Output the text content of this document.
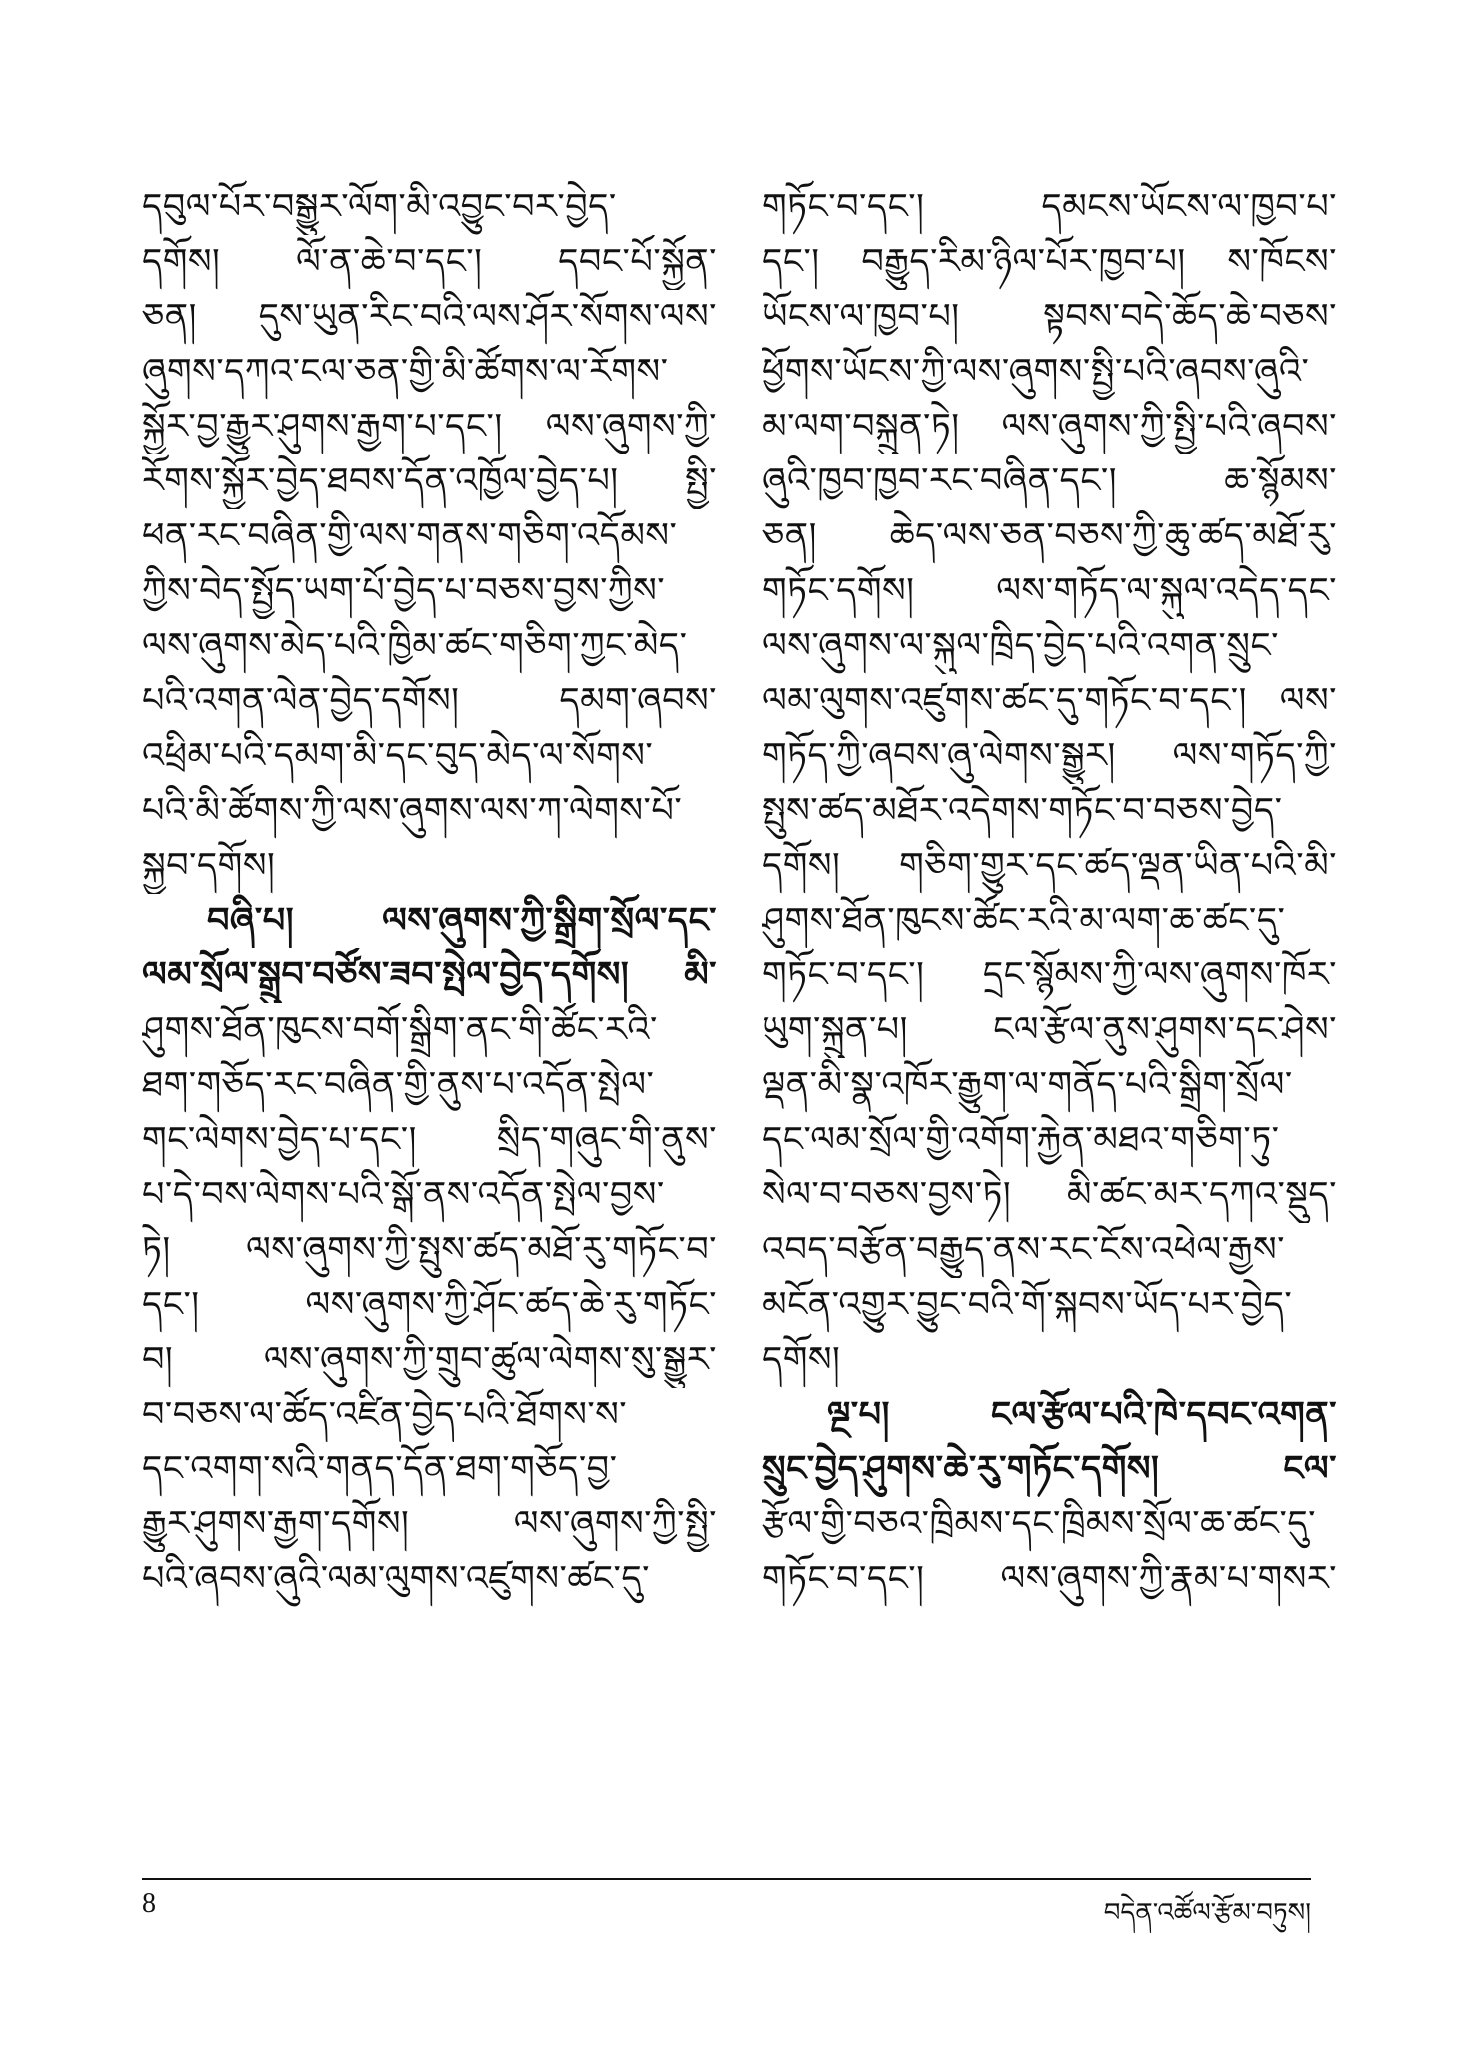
དབུལ་པོར་བསྒྱུར་ལོག་མི་འབྱུང་བར་བྱེད་
དགོས། ལོ་ན་ཆེ་བ་དང་། དབང་པོ་སྐྱོན་
ཅན། དུས་ཡུན་རིང་བའི་ལས་ཤོར་སོགས་ལས་
ཞུགས་དཀའ་ངལ་ཅན་གྱི་མི་ཚོགས་ལ་རོགས་
སྐྱོར་བྱ་རྒྱུར་ཤུགས་རྒྱག་པ་དང་། ལས་ཞུགས་ཀྱི་
རོགས་སྐྱོར་བྱེད་ཐབས་དོན་འཁྱོལ་བྱེད་པ། སྤྱི་
ཕན་རང་བཞིན་གྱི་ལས་གནས་གཅིག་འདོམས་
ཀྱིས་བེད་སྤྱོད་ཡག་པོ་བྱེད་པ་བཅས་བྱས་ཀྱིས་
ལས་ཞུགས་མེད་པའི་ཁྱིམ་ཚང་གཅིག་ཀྱང་མེད་
པའི་འགན་ལེན་བྱེད་དགོས། དམག་ཞབས་
འཕྲིམ་པའི་དམག་མི་དང་བུད་མེད་ལ་སོགས་
པའི་མི་ཚོགས་ཀྱི་ལས་ཞུགས་ལས་ཀ་ལེགས་པོ་
སྐྱབ་དགོས།
བཞི་པ། ལས་ཞུགས་ཀྱི་སྒྲིག་སྲོལ་དང་
ལམ་སྲོལ་སྒྲུབ་བཙོས་ཟབ་སྤེལ་བྱེད་དགོས། མི་
ཤུགས་ཐོན་ཁུངས་བགོ་སྒྲིག་ནང་གི་ཚོང་རའི་
ཐག་གཅོད་རང་བཞིན་གྱི་ནུས་པ་འདོན་སྤེལ་
གང་ལེགས་བྱེད་པ་དང་། སྲིད་གཞུང་གི་ནུས་
པ་དེ་བས་ལེགས་པའི་སྒོ་ནས་འདོན་སྤེལ་བྱས་
ཏེ། ལས་ཞུགས་ཀྱི་སྤུས་ཚད་མཐོ་རུ་གཏོང་བ་
དང་། ལས་ཞུགས་ཀྱི་ཤོང་ཚད་ཆེ་རུ་གཏོང་
བ། ལས་ཞུགས་ཀྱི་གྲུབ་ཚུལ་ལེགས་སུ་སྒྱུར་
བ་བཅས་ལ་ཚོད་འཛིན་བྱེད་པའི་ཐོགས་ས་
དང་འགག་སའི་གནད་དོན་ཐག་གཅོད་བྱ་
རྒྱུར་ཤུགས་རྒྱག་དགོས། ལས་ཞུགས་ཀྱི་སྤྱི་
པའི་ཞབས་ཞུའི་ལམ་ལུགས་འཛུགས་ཚང་དུ་
གཏོང་བ་དང་། དམངས་ཡོངས་ལ་ཁྱབ་པ་
དང་། བརྒྱུད་རིམ་ཉིལ་པོར་ཁྱབ་པ། ས་ཁོངས་
ཡོངས་ལ་ཁྱབ་པ། སྟབས་བདེ་ཆོད་ཆེ་བཅས་
ཕྱོགས་ཡོངས་ཀྱི་ལས་ཞུགས་སྤྱི་པའི་ཞབས་ཞུའི་
མ་ལག་བསྐྲུན་ཏེ། ལས་ཞུགས་ཀྱི་སྤྱི་པའི་ཞབས་
ཞུའི་ཁྱབ་ཁྱབ་རང་བཞིན་དང་། ཆ་སྙོམས་
ཅན། ཆེད་ལས་ཅན་བཅས་ཀྱི་ཆུ་ཚད་མཐོ་རུ་
གཏོང་དགོས། ལས་གཏོད་ལ་སྐུལ་འདེད་དང་
ལས་ཞུགས་ལ་སྐུལ་ཁྲིད་བྱེད་པའི་འགན་སྲུང་
ལམ་ལུགས་འཛུགས་ཚང་དུ་གཏོང་བ་དང་། ལས་
གཏོད་ཀྱི་ཞབས་ཞུ་ལེགས་སྒྱུར། ལས་གཏོད་ཀྱི་
སྤུས་ཚད་མཐོར་འདེགས་གཏོང་བ་བཅས་བྱེད་
དགོས། གཅིག་གྱུར་དང་ཚད་ལྡན་ཡིན་པའི་མི་
ཤུགས་ཐོན་ཁུངས་ཚོང་རའི་མ་ལག་ཆ་ཚང་དུ་
གཏོང་བ་དང་། དྲང་སྙོམས་ཀྱི་ལས་ཞུགས་ཁོར་
ཡུག་སྐྲུན་པ། ངལ་རྩོལ་ནུས་ཤུགས་དང་ཤེས་
ལྡན་མི་སྣ་འཁོར་རྒྱུག་ལ་གནོད་པའི་སྒྲིག་སྲོལ་
དང་ལམ་སྲོལ་གྱི་འགོག་རྐྱེན་མཐའ་གཅིག་ཏུ་
སེལ་བ་བཅས་བྱས་ཏེ། མི་ཚང་མར་དཀའ་སྡུད་
འབད་བརྩོན་བརྒྱུད་ནས་རང་ངོས་འཕེལ་རྒྱས་
མངོན་འགྱུར་བྱུང་བའི་གོ་སྐབས་ཡོད་པར་བྱེད་
དགོས།
ལྔ་པ། ངལ་རྩོལ་པའི་ཁེ་དབང་འགན་
སྲུང་བྱེད་ཤུགས་ཆེ་རུ་གཏོང་དགོས། ངལ་
རྩོལ་གྱི་བཅའ་ཁྲིམས་དང་ཁྲིམས་སྲོལ་ཆ་ཚང་དུ་
གཏོང་བ་དང་། ལས་ཞུགས་ཀྱི་རྣམ་པ་གསར་
8	བདེན་འཚོལ་རྩོམ་བཏུས།
